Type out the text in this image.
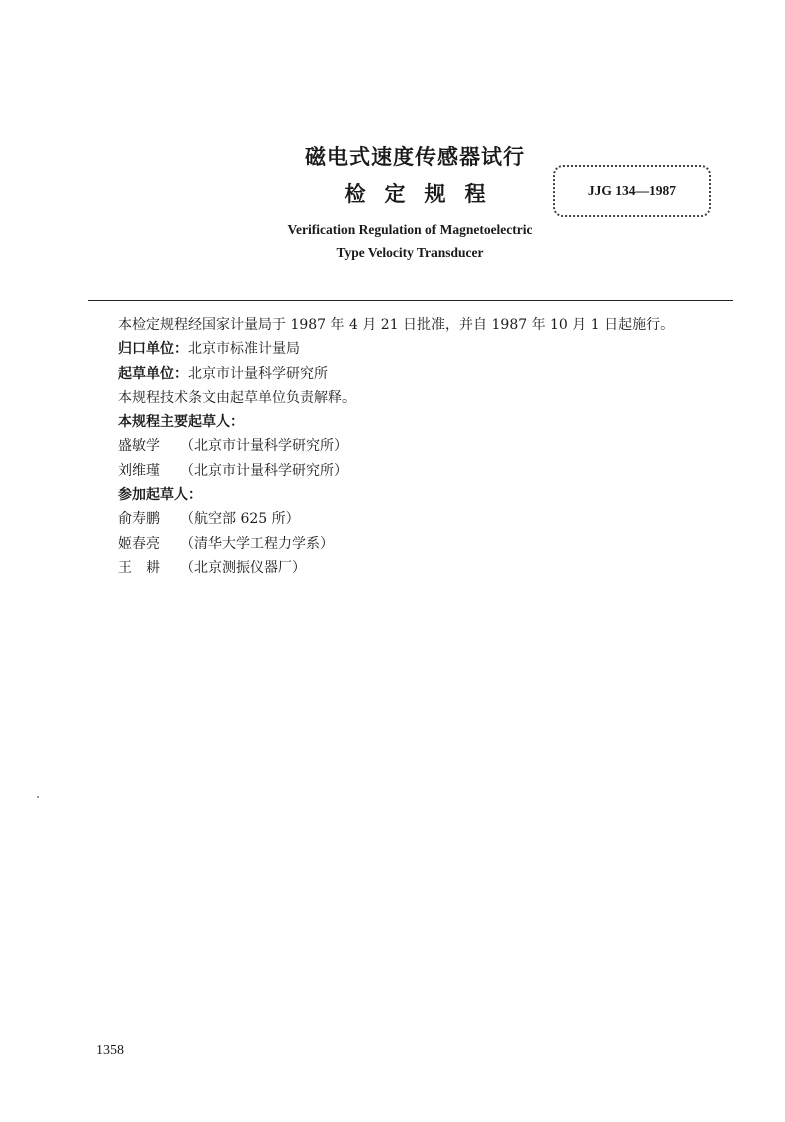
磁电式速度传感器试行
检定规程
Verification Regulation of Magnetoelectric
Type Velocity Transducer
JJG 134—1987
本检定规程经国家计量局于 1987 年 4 月 21 日批准，并自 1987 年 10 月 1 日起施行。
归口单位：北京市标准计量局
起草单位：北京市计量科学研究所
本规程技术条文由起草单位负责解释。
本规程主要起草人：
盛敏学 （北京市计量科学研究所）
刘维瑾 （北京市计量科学研究所）
参加起草人：
俞寿鹏 （航空部 625 所）
姬春亮 （清华大学工程力学系）
王　耕 （北京测振仪器厂）
1358
